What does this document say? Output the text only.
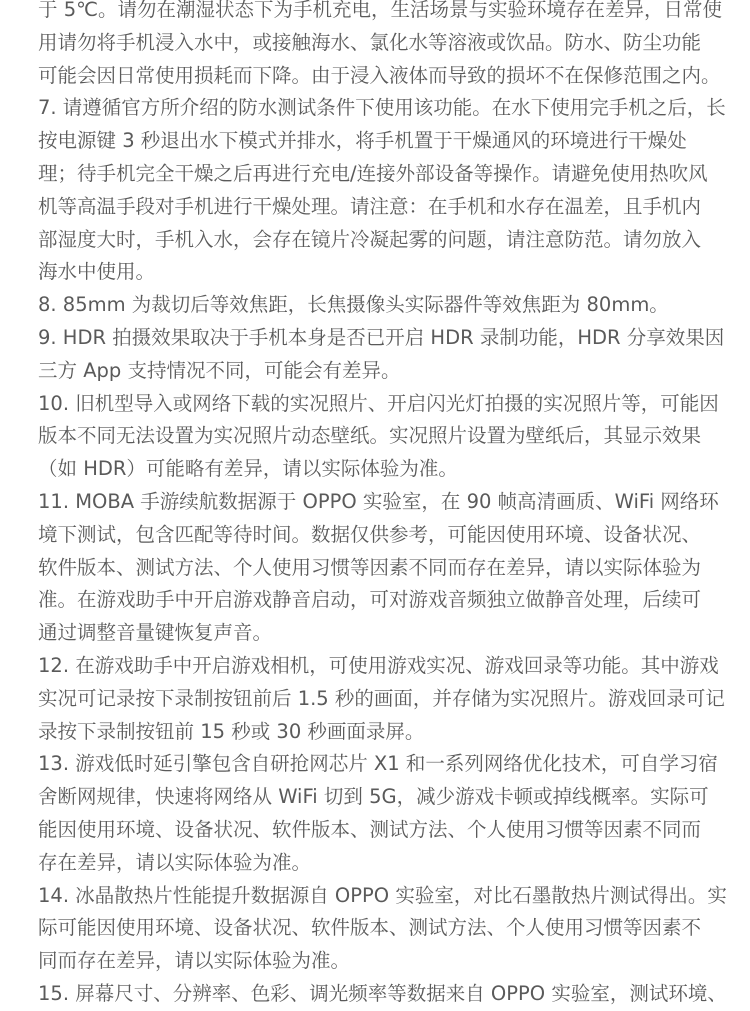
于 5℃。请勿在潮湿状态下为手机充电，生活场景与实验环境存在差异，日常使
用请勿将手机浸入水中，或接触海水、氯化水等溶液或饮品。防水、防尘功能
可能会因日常使用损耗而下降。由于浸入液体而导致的损坏不在保修范围之内。
7. 请遵循官方所介绍的防水测试条件下使用该功能。在水下使用完手机之后，长
按电源键 3 秒退出水下模式并排水，将手机置于干燥通风的环境进行干燥处
理；待手机完全干燥之后再进行充电/连接外部设备等操作。请避免使用热吹风
机等高温手段对手机进行干燥处理。请注意：在手机和水存在温差，且手机内
部湿度大时，手机入水，会存在镜片冷凝起雾的问题，请注意防范。请勿放入
海水中使用。
8. 85mm 为裁切后等效焦距，长焦摄像头实际器件等效焦距为 80mm。
9. HDR 拍摄效果取决于手机本身是否已开启 HDR 录制功能，HDR 分享效果因
三方 App 支持情况不同，可能会有差异。
10. 旧机型导入或网络下载的实况照片、开启闪光灯拍摄的实况照片等，可能因
版本不同无法设置为实况照片动态壁纸。实况照片设置为壁纸后，其显示效果
（如 HDR）可能略有差异，请以实际体验为准。
11. MOBA 手游续航数据源于 OPPO 实验室，在 90 帧高清画质、WiFi 网络环
境下测试，包含匹配等待时间。数据仅供参考，可能因使用环境、设备状况、
软件版本、测试方法、个人使用习惯等因素不同而存在差异，请以实际体验为
准。在游戏助手中开启游戏静音启动，可对游戏音频独立做静音处理，后续可
通过调整音量键恢复声音。
12. 在游戏助手中开启游戏相机，可使用游戏实况、游戏回录等功能。其中游戏
实况可记录按下录制按钮前后 1.5 秒的画面，并存储为实况照片。游戏回录可记
录按下录制按钮前 15 秒或 30 秒画面录屏。
13. 游戏低时延引擎包含自研抢网芯片 X1 和一系列网络优化技术，可自学习宿
舍断网规律，快速将网络从 WiFi 切到 5G，减少游戏卡顿或掉线概率。实际可
能因使用环境、设备状况、软件版本、测试方法、个人使用习惯等因素不同而
存在差异，请以实际体验为准。
14. 冰晶散热片性能提升数据源自 OPPO 实验室，对比石墨散热片测试得出。实
际可能因使用环境、设备状况、软件版本、测试方法、个人使用习惯等因素不
同而存在差异，请以实际体验为准。
15. 屏幕尺寸、分辨率、色彩、调光频率等数据来自 OPPO 实验室，测试环境、
